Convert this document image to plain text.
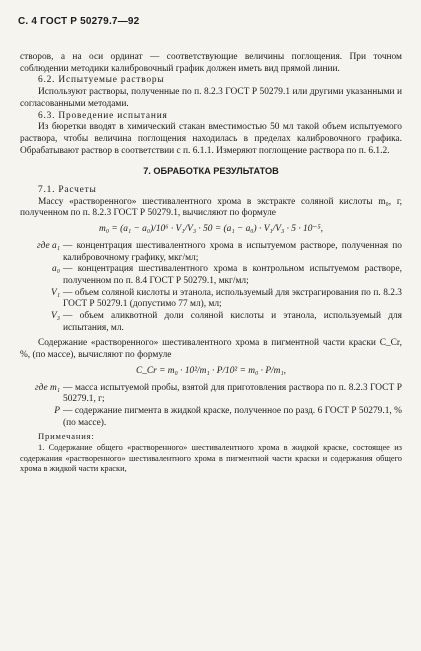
С. 4 ГОСТ Р 50279.7—92

створов, а на оси ординат — соответствующие величины поглощения. При точном соблюдении методики калибровочный график должен иметь вид прямой линии.

6.2. Испытуемые растворы

Используют растворы, полученные по п. 8.2.3 ГОСТ Р 50279.1 или другими указанными и согласованными методами.

6.3. Проведение испытания

Из бюретки вводят в химический стакан вместимостью 50 мл такой объем испытуемого раствора, чтобы величина поглощения находилась в пределах калибровочного графика. Обрабатывают раствор в соответствии с п. 6.1.1. Измеряют поглощение раствора по п. 6.1.2.

7. ОБРАБОТКА РЕЗУЛЬТАТОВ

7.1. Расчеты

Массу «растворенного» шестивалентного хрома в экстракте соляной кислоты m₀, г, полученном по п. 8.2.3 ГОСТ Р 50279.1, вычисляют по формуле

m₀ = (a₁ − a₀)/10⁶ · V₁/V₃ · 50 = (a₁ − a₀) · V₁/V₃ · 5 · 10⁻⁵,

где a₁ — концентрация шестивалентного хрома в испытуемом растворе, полученная по калибровочному графику, мкг/мл;
a₀ — концентрация шестивалентного хрома в контрольном испытуемом растворе, полученном по п. 8.4 ГОСТ Р 50279.1, мкг/мл;
V₁ — объем соляной кислоты и этанола, используемый для экстрагирования по п. 8.2.3 ГОСТ Р 50279.1 (допустимо 77 мл), мл;
V₃ — объем аликвотной доли соляной кислоты и этанола, используемый для испытания, мл.

Содержание «растворенного» шестивалентного хрома в пигментной части краски C_Cr, %, (по массе), вычисляют по формуле

C_Cr = m₀ · 10²/m₁ · P/10² = m₀ · P/m₁,

где m₁ — масса испытуемой пробы, взятой для приготовления раствора по п. 8.2.3 ГОСТ Р 50279.1, г;
P — содержание пигмента в жидкой краске, полученное по разд. 6 ГОСТ Р 50279.1, % (по массе).

Примечания:

1. Содержание общего «растворенного» шестивалентного хрома в жидкой краске, состоящее из содержания «растворенного» шестивалентного хрома в пигментной части краски и содержания общего хрома в жидкой части краски,
